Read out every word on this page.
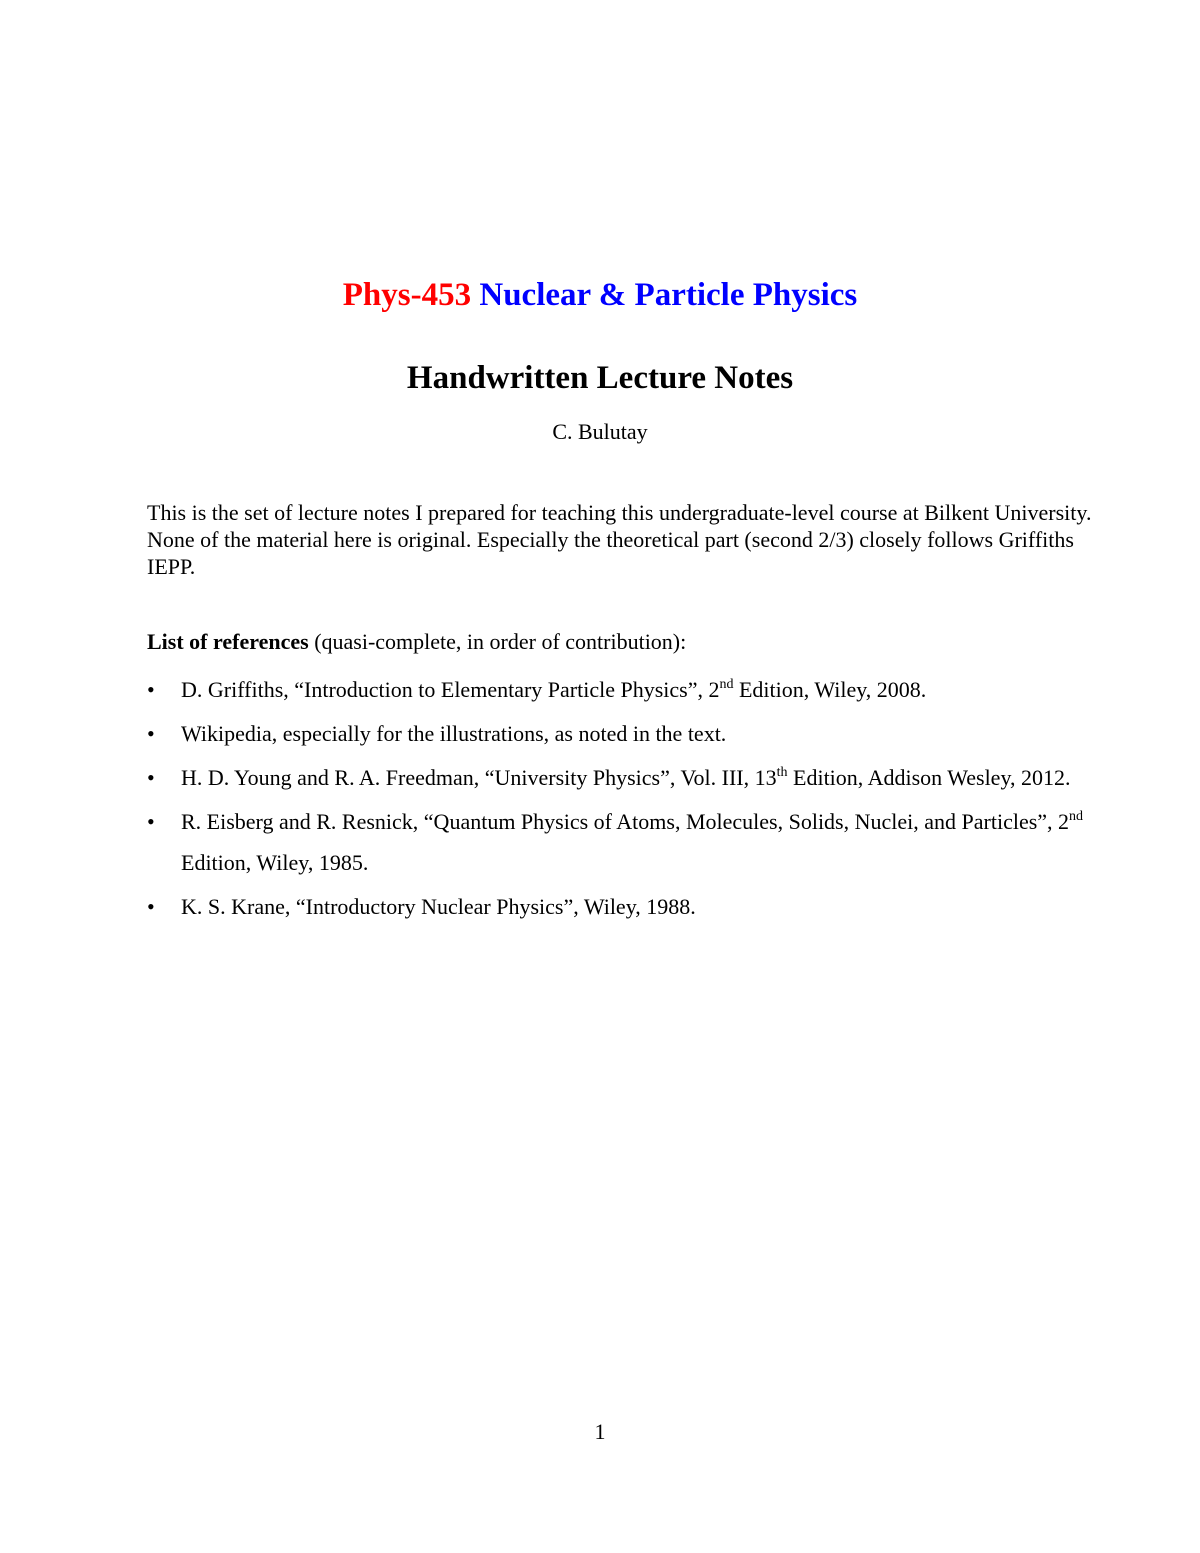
Phys-453 Nuclear & Particle Physics
Handwritten Lecture Notes

C. Bulutay

This is the set of lecture notes I prepared for teaching this undergraduate-level course at Bilkent University. None of the material here is original. Especially the theoretical part (second 2/3) closely follows Griffiths IEPP.

List of references (quasi-complete, in order of contribution):

• D. Griffiths, “Introduction to Elementary Particle Physics”, 2nd Edition, Wiley, 2008.
• Wikipedia, especially for the illustrations, as noted in the text.
• H. D. Young and R. A. Freedman, “University Physics”, Vol. III, 13th Edition, Addison Wesley, 2012.
• R. Eisberg and R. Resnick, “Quantum Physics of Atoms, Molecules, Solids, Nuclei, and Particles”, 2nd Edition, Wiley, 1985.
• K. S. Krane, “Introductory Nuclear Physics”, Wiley, 1988.

1
